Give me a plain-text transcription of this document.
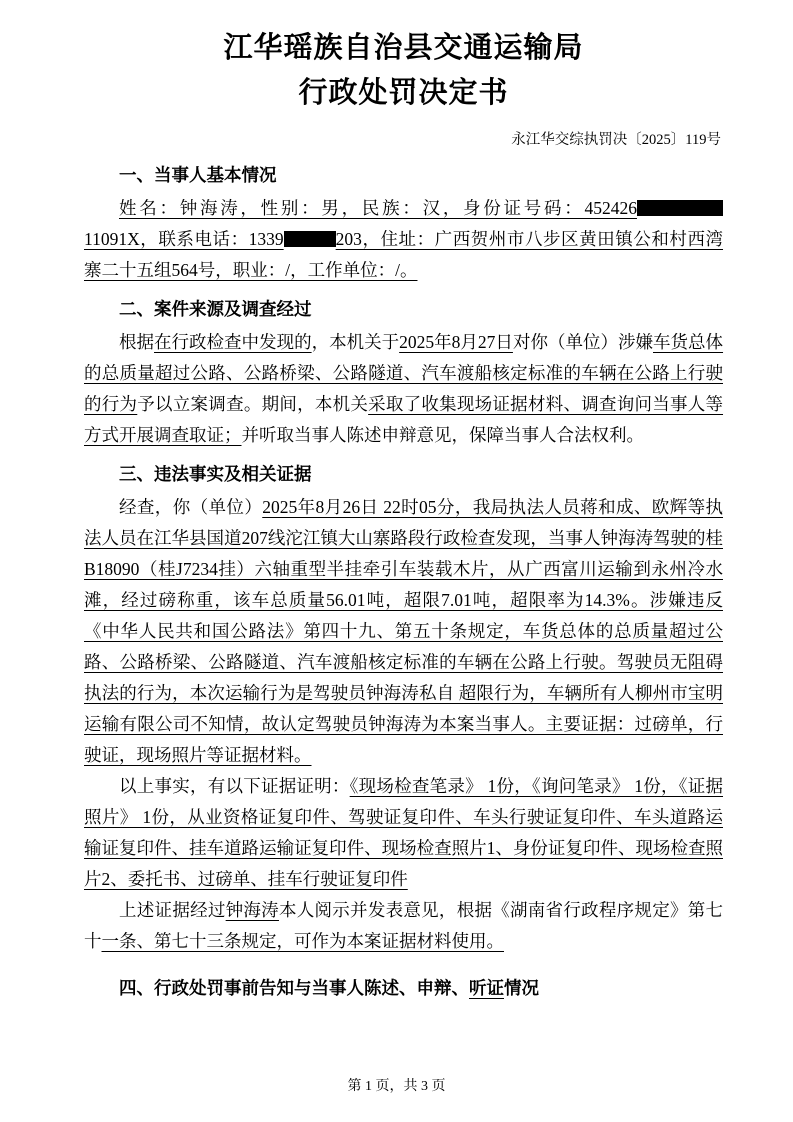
江华瑶族自治县交通运输局
行政处罚决定书
永江华交综执罚决〔2025〕119号

一、当事人基本情况

姓名：钟海涛，性别：男，民族：汉，身份证号码：45242611091X，联系电话：1339	203，住址：广西贺州市八步区黄田镇公和村西湾寨二十五组564号，职业：/，工作单位：/。

二、案件来源及调查经过

根据在行政检查中发现的，本机关于2025年8月27日对你（单位）涉嫌车货总体的总质量超过公路、公路桥梁、公路隧道、汽车渡船核定标准的车辆在公路上行驶的行为予以立案调查。期间，本机关采取了收集现场证据材料、调查询问当事人等方式开展调查取证；并听取当事人陈述申辩意见，保障当事人合法权利。

三、违法事实及相关证据

经查，你（单位）2025年8月26日 22时05分，我局执法人员蒋和成、欧辉等执法人员在江华县国道207线沱江镇大山寨路段行政检查发现，当事人钟海涛驾驶的桂B18090（桂J7234挂）六轴重型半挂牵引车装载木片，从广西富川运输到永州冷水滩，经过磅称重，该车总质量56.01吨，超限7.01吨，超限率为14.3%。涉嫌违反《中华人民共和国公路法》第四十九、第五十条规定，车货总体的总质量超过公路、公路桥梁、公路隧道、汽车渡船核定标准的车辆在公路上行驶。驾驶员无阻碍执法的行为，本次运输行为是驾驶员钟海涛私自 超限行为，车辆所有人柳州市宝明运输有限公司不知情，故认定驾驶员钟海涛为本案当事人。主要证据：过磅单，行驶证，现场照片等证据材料。

以上事实，有以下证据证明：《现场检查笔录》 1份，《询问笔录》 1份，《证据照片》 1份，从业资格证复印件、驾驶证复印件、车头行驶证复印件、车头道路运输证复印件、挂车道路运输证复印件、现场检查照片1、身份证复印件、现场检查照片2、委托书、过磅单、挂车行驶证复印件

上述证据经过钟海涛本人阅示并发表意见，根据《湖南省行政程序规定》第七十一条、第七十三条规定，可作为本案证据材料使用。

四、行政处罚事前告知与当事人陈述、申辩、听证情况

第 1 页，共 3 页
